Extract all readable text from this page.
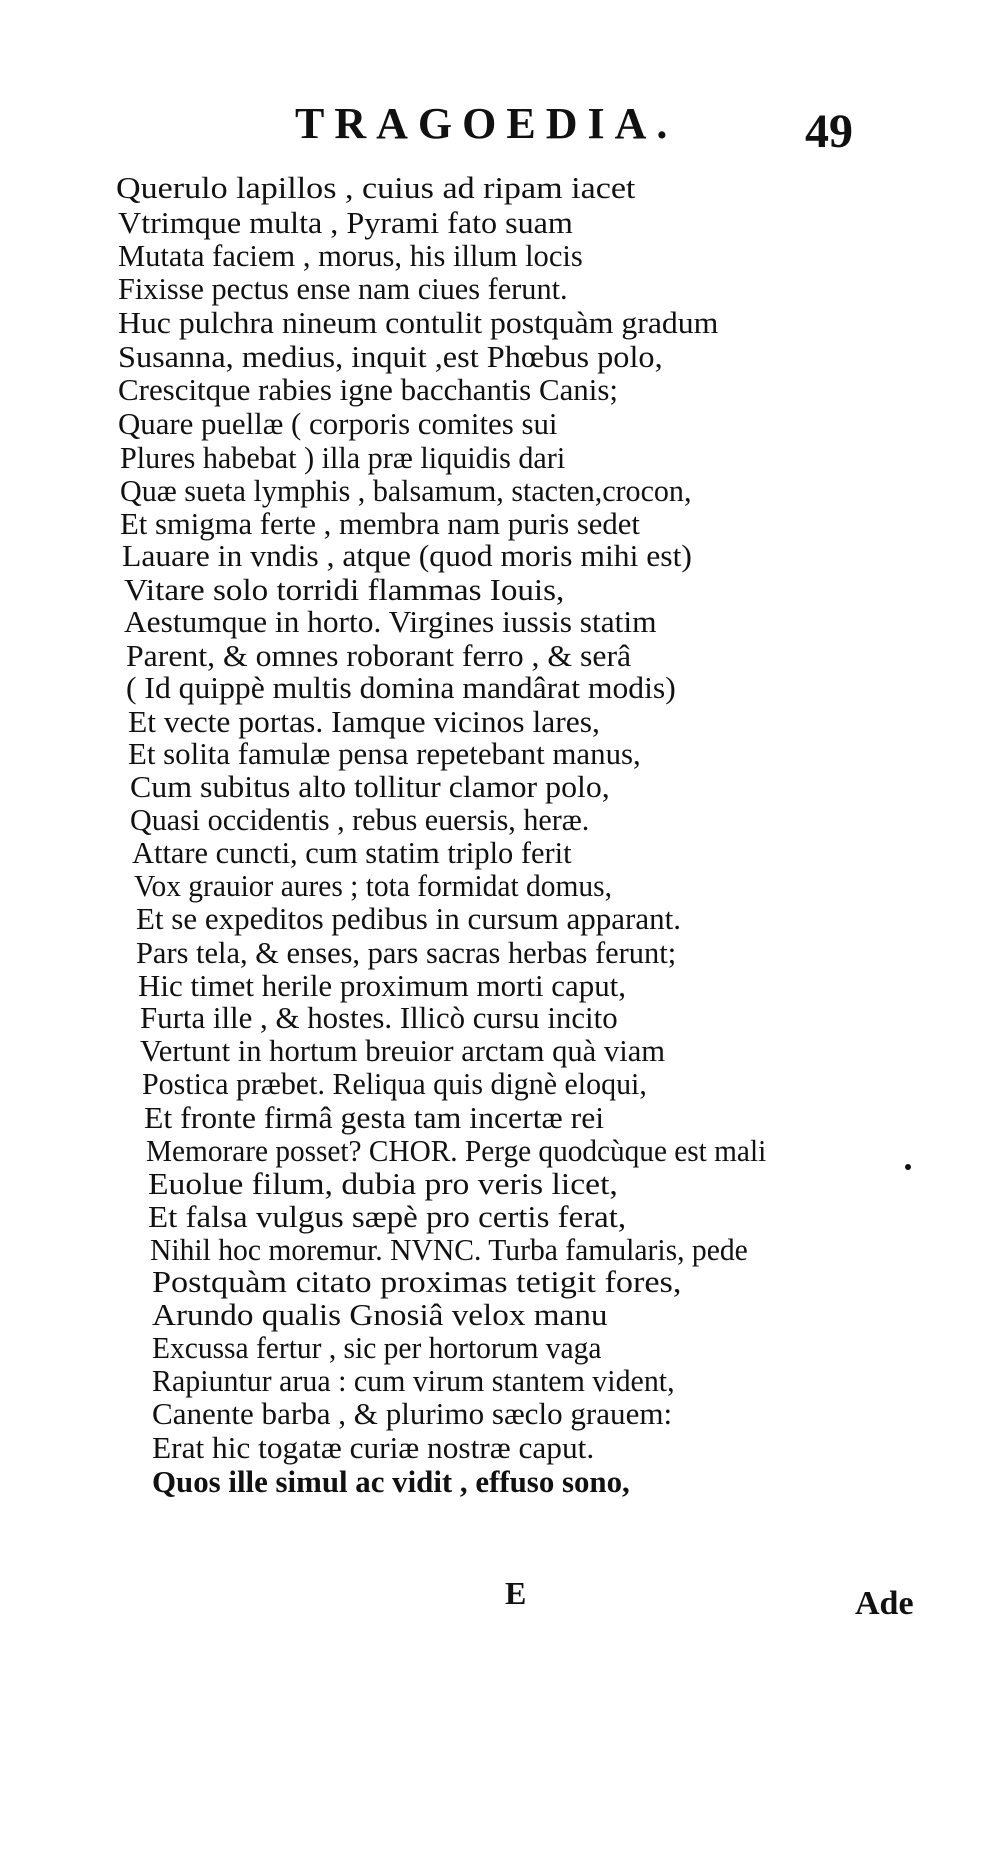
TRAGOEDIA.	49
Querulo lapillos , cuius ad ripam iacet
Vtrimque multa , Pyrami fato suam
Mutata faciem , morus, his illum locis
Fixisse pectus ense nam ciues ferunt.
Huc pulchra nineum contulit postquàm gradum
Susanna, medius, inquit ,est Phœbus polo,
Crescitque rabies igne bacchantis Canis;
Quare puellæ ( corporis comites sui
Plures habebat ) illa præ liquidis dari
Quæ sueta lymphis , balsamum, stacten,crocon,
Et smigma ferte , membra nam puris sedet
Lauare in vndis , atque (quod moris mihi est)
Vitare solo torridi flammas Iouis,
Aestumque in horto. Virgines iussis statim
Parent, & omnes roborant ferro , & serâ
( Id quippè multis domina mandârat modis)
Et vecte portas. Iamque vicinos lares,
Et solita famulæ pensa repetebant manus,
Cum subitus alto tollitur clamor polo,
Quasi occidentis , rebus euersis, heræ.
Attare cuncti, cum statim triplo ferit
Vox grauior aures ; tota formidat domus,
Et se expeditos pedibus in cursum apparant.
Pars tela, & enses, pars sacras herbas ferunt;
Hic timet herile proximum morti caput,
Furta ille , & hostes. Illicò cursu incito
Vertunt in hortum breuior arctam quà viam
Postica præbet. Reliqua quis dignè eloqui,
Et fronte firmâ gesta tam incertæ rei
Memorare posset? CHOR. Perge quodcùque est mali
Euolue filum, dubia pro veris licet,
Et falsa vulgus sæpè pro certis ferat,
Nihil hoc moremur. NVNC. Turba famularis, pede
Postquàm citato proximas tetigit fores,
Arundo qualis Gnosiâ velox manu
Excussa fertur , sic per hortorum vaga
Rapiuntur arua : cum virum stantem vident,
Canente barba , & plurimo sæclo grauem:
Erat hic togatæ curiæ nostræ caput.
Quos ille simul ac vidit , effuso sono,
E	Ade
